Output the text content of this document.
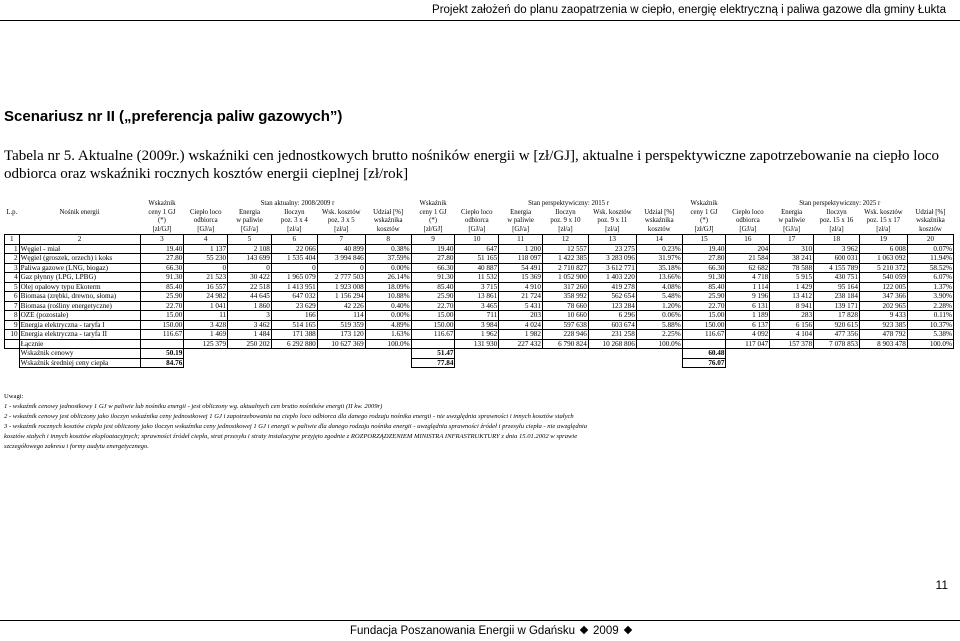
Projekt założeń do planu zaopatrzenia w ciepło, energię elektryczną i paliwa gazowe dla gminy Łukta
Scenariusz nr II („preferencja paliw gazowych”)
Tabela nr 5. Aktualne (2009r.) wskaźniki cen jednostkowych brutto nośników energii w [zł/GJ], aktualne i perspektywiczne zapotrzebowanie na ciepło loco odbiorca oraz wskaźniki rocznych kosztów energii cieplnej [zł/rok]
		Wskaźnik	Stan aktualny: 2008/2009 r					Wskaźnik	Stan perspektywiczny: 2015 r					Wskaźnik	Stan perspektywiczny: 2025 r				
L.p.	Nośnik energii	ceny 1 GJ	Ciepło loco	Energia	Iloczyn	Wsk. kosztów	Udział [%]	ceny 1 GJ	Ciepło loco	Energia	Iloczyn	Wsk. kosztów	Udział [%]	ceny 1 GJ	Ciepło loco	Energia	Iloczyn	Wsk. kosztów	Udział [%]
		(*)	odbiorca	w paliwie	poz. 3 x 4	poz. 3 x 5	wskaźnika	(*)	odbiorca	w paliwie	poz. 9 x 10	poz. 9 x 11	wskaźnika	(*)	odbiorca	w paliwie	poz. 15 x 16	poz. 15 x 17	wskaźnika
		[zł/GJ]	[GJ/a]	[GJ/a]	[zł/a]	[zł/a]	kosztów	[zł/GJ]	[GJ/a]	[GJ/a]	[zł/a]	[zł/a]	kosztów	[zł/GJ]	[GJ/a]	[GJ/a]	[zł/a]	[zł/a]	kosztów
1	2	3	4	5	6	7	8	9	10	11	12	13	14	15	16	17	18	19	20
1	Węgiel - miał	19.40	1 137	2 108	22 066	40 899	0.38%	19.40	647	1 200	12 557	23 275	0.23%	19.40	204	310	3 962	6 008	0.07%
2	Węgiel (groszek, orzech) i koks	27.80	55 230	143 699	1 535 404	3 994 846	37.59%	27.80	51 165	118 097	1 422 385	3 283 096	31.97%	27.80	21 584	38 241	600 031	1 063 092	11.94%
3	Paliwa gazowe (LNG, biogaz)	66.30	0	0	0	0	0.00%	66.30	40 887	54 491	2 710 827	3 612 771	35.18%	66.30	62 682	78 588	4 155 789	5 210 372	58.52%
4	Gaz płynny (LPG, LPBG)	91.30	21 523	30 422	1 965 079	2 777 503	26.14%	91.30	11 532	15 369	1 052 900	1 403 220	13.66%	91.30	4 718	5 915	430 751	540 059	6.07%
5	Olej opałowy typu Ekoterm	85.40	16 557	22 518	1 413 951	1 923 008	18.09%	85.40	3 715	4 910	317 260	419 278	4.08%	85.40	1 114	1 429	95 164	122 005	1.37%
6	Biomasa (zrębki, drewno, słoma)	25.90	24 982	44 645	647 032	1 156 294	10.88%	25.90	13 861	21 724	358 992	562 654	5.48%	25.90	9 196	13 412	238 184	347 366	3.90%
7	Biomasa (rośliny energetyczne)	22.70	1 041	1 860	23 629	42 226	0.40%	22.70	3 465	5 431	78 660	123 284	1.20%	22.70	6 131	8 941	139 171	202 965	2.28%
8	OZE (pozostałe)	15.00	11	3	166	114	0.00%	15.00	711	203	10 660	6 296	0.06%	15.00	1 189	283	17 828	9 433	0.11%
9	Energia elektryczna - taryfa I	150.00	3 428	3 462	514 165	519 359	4.89%	150.00	3 984	4 024	597 638	603 674	5.88%	150.00	6 137	6 156	920 615	923 385	10.37%
10	Energia elektryczna - taryfa II	116.67	1 469	1 484	171 388	173 120	1.63%	116.67	1 962	1 982	228 946	231 258	2.25%	116.67	4 092	4 104	477 356	478 792	5.38%
	Łącznie		125 379	250 202	6 292 880	10 627 369	100.0%		131 930	227 432	6 790 824	10 268 806	100.0%		117 047	157 378	7 078 853	8 903 478	100.0%
	Wskaźnik cenowy	50.19						51.47						60.48					
	Wskaźnik średniej ceny ciepła	84.76						77.84						76.07					
Uwagi:
1 - wskaźnik cenowy jednostkowy 1 GJ w paliwie lub nośniku energii - jest obliczony wg. aktualnych cen brutto nośników energii (II kw. 2009r)
2 - wskaźnik cenowy jest obliczony jako iloczyn wskaźnika ceny jednostkowej 1 GJ i zapotrzebowania na ciepło loco odbiorca dla danego rodzaju nośnika energii - nie uwzględnia sprawności i innych kosztów stałych
3 - wskaźnik rocznych kosztów ciepła jest obliczony jako iloczyn wskaźnika ceny jednostkowej 1 GJ i energii w paliwie dla danego rodzaju nośnika energii - uwzględnia sprawności źródeł i przesyłu ciepła - nie uwzględnia
kosztów stałych i innych kosztów eksploatacyjnych; sprawności źródeł ciepła, strat przesyłu i straty instalacyjne przyjęto zgodnie z ROZPORZĄDZENIEM MINISTRA INFRASTRUKTURY z dnia 15.01.2002 w sprawie
szczegółowego zakresu i formy audytu energetycznego.
11
Fundacja Poszanowania Energii w Gdańsku 2009
